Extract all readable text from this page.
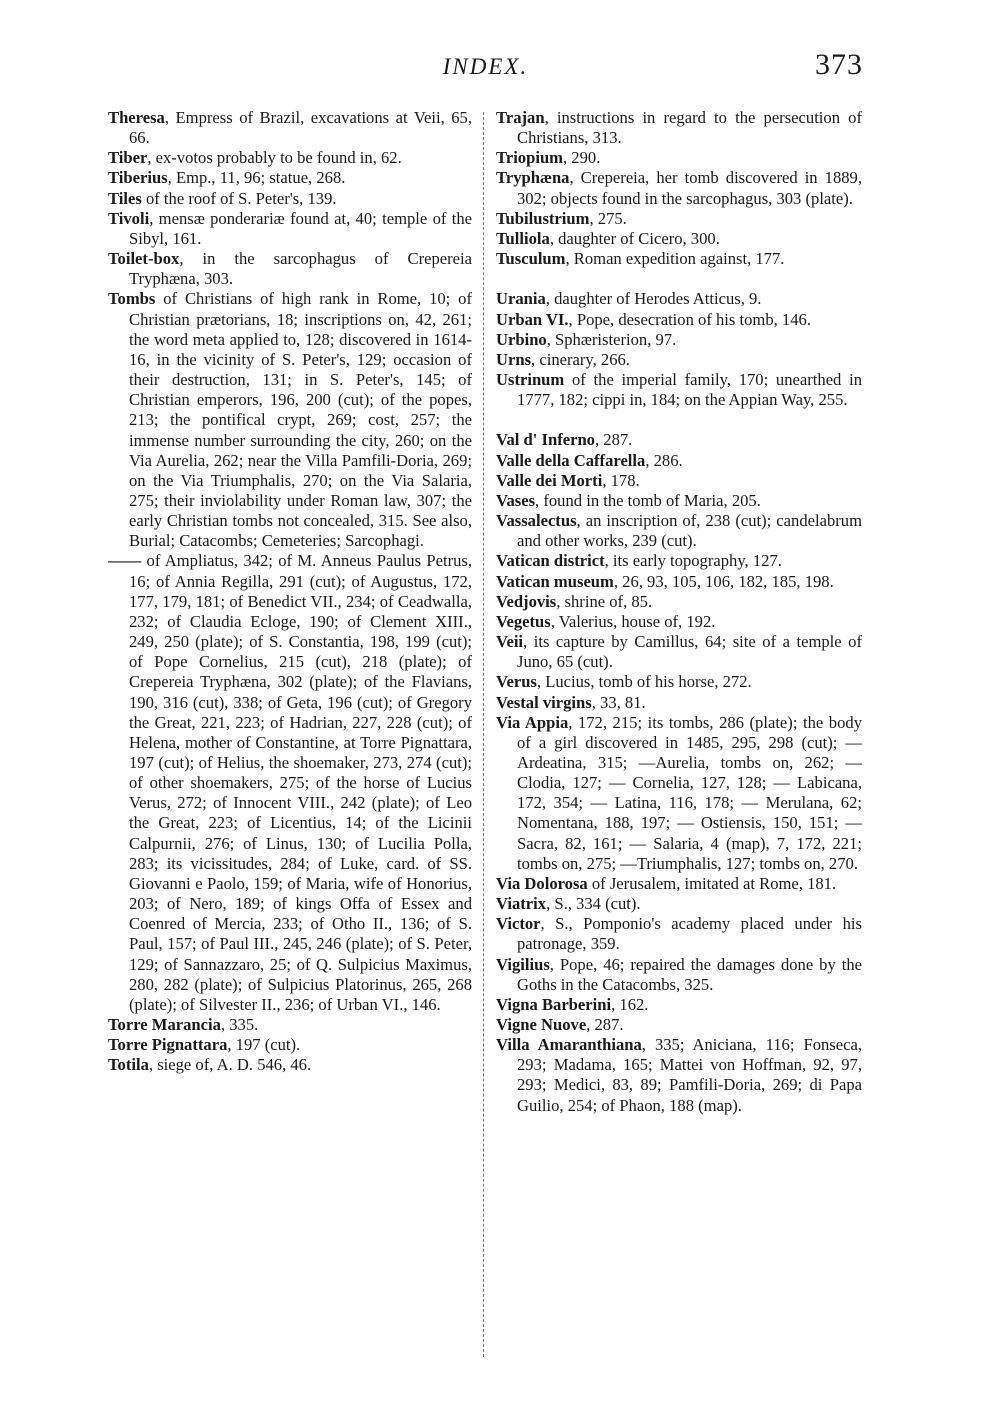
INDEX.	373

Theresa, Empress of Brazil, excavations at Veii, 65, 66.

Tiber, ex-votos probably to be found in, 62.

Tiberius, Emp., 11, 96; statue, 268.

Tiles of the roof of S. Peter's, 139.

Tivoli, mensæ ponderariæ found at, 40; temple of the Sibyl, 161.

Toilet-box, in the sarcophagus of Crepereia Tryphæna, 303.

Tombs of Christians of high rank in Rome, 10; of Christian prætorians, 18; inscriptions on, 42, 261; the word meta applied to, 128; discovered in 1614-16, in the vicinity of S. Peter's, 129; occasion of their destruction, 131; in S. Peter's, 145; of Christian emperors, 196, 200 (cut); of the popes, 213; the pontifical crypt, 269; cost, 257; the immense number surrounding the city, 260; on the Via Aurelia, 262; near the Villa Pamfili-Doria, 269; on the Via Triumphalis, 270; on the Via Salaria, 275; their inviolability under Roman law, 307; the early Christian tombs not concealed, 315. See also, Burial; Catacombs; Cemeteries; Sarcophagi.

—— of Ampliatus, 342; of M. Anneus Paulus Petrus, 16; of Annia Regilla, 291 (cut); of Augustus, 172, 177, 179, 181; of Benedict VII., 234; of Ceadwalla, 232; of Claudia Ecloge, 190; of Clement XIII., 249, 250 (plate); of S. Constantia, 198, 199 (cut); of Pope Cornelius, 215 (cut), 218 (plate); of Crepereia Tryphæna, 302 (plate); of the Flavians, 190, 316 (cut), 338; of Geta, 196 (cut); of Gregory the Great, 221, 223; of Hadrian, 227, 228 (cut); of Helena, mother of Constantine, at Torre Pignattara, 197 (cut); of Helius, the shoemaker, 273, 274 (cut); of other shoemakers, 275; of the horse of Lucius Verus, 272; of Innocent VIII., 242 (plate); of Leo the Great, 223; of Licentius, 14; of the Licinii Calpurnii, 276; of Linus, 130; of Lucilia Polla, 283; its vicissitudes, 284; of Luke, card. of SS. Giovanni e Paolo, 159; of Maria, wife of Honorius, 203; of Nero, 189; of kings Offa of Essex and Coenred of Mercia, 233; of Otho II., 136; of S. Paul, 157; of Paul III., 245, 246 (plate); of S. Peter, 129; of Sannazzaro, 25; of Q. Sulpicius Maximus, 280, 282 (plate); of Sulpicius Platorinus, 265, 268 (plate); of Silvester II., 236; of Urban VI., 146.

Torre Marancia, 335.

Torre Pignattara, 197 (cut).

Totila, siege of, A. D. 546, 46.

Trajan, instructions in regard to the persecution of Christians, 313.

Triopium, 290.

Tryphæna, Crepereia, her tomb discovered in 1889, 302; objects found in the sarcophagus, 303 (plate).

Tubilustrium, 275.

Tulliola, daughter of Cicero, 300.

Tusculum, Roman expedition against, 177.

Urania, daughter of Herodes Atticus, 9.

Urban VI., Pope, desecration of his tomb, 146.

Urbino, Sphæristerion, 97.

Urns, cinerary, 266.

Ustrinum of the imperial family, 170; unearthed in 1777, 182; cippi in, 184; on the Appian Way, 255.

Val d' Inferno, 287.

Valle della Caffarella, 286.

Valle dei Morti, 178.

Vases, found in the tomb of Maria, 205.

Vassalectus, an inscription of, 238 (cut); candelabrum and other works, 239 (cut).

Vatican district, its early topography, 127.

Vatican museum, 26, 93, 105, 106, 182, 185, 198.

Vedjovis, shrine of, 85.

Vegetus, Valerius, house of, 192.

Veii, its capture by Camillus, 64; site of a temple of Juno, 65 (cut).

Verus, Lucius, tomb of his horse, 272.

Vestal virgins, 33, 81.

Via Appia, 172, 215; its tombs, 286 (plate); the body of a girl discovered in 1485, 295, 298 (cut); — Ardeatina, 315; —Aurelia, tombs on, 262; — Clodia, 127; — Cornelia, 127, 128; — Labicana, 172, 354; — Latina, 116, 178; — Merulana, 62; Nomentana, 188, 197; — Ostiensis, 150, 151; — Sacra, 82, 161; — Salaria, 4 (map), 7, 172, 221; tombs on, 275; —Triumphalis, 127; tombs on, 270.

Via Dolorosa of Jerusalem, imitated at Rome, 181.

Viatrix, S., 334 (cut).

Victor, S., Pomponio's academy placed under his patronage, 359.

Vigilius, Pope, 46; repaired the damages done by the Goths in the Catacombs, 325.

Vigna Barberini, 162.

Vigne Nuove, 287.

Villa Amaranthiana, 335; Aniciana, 116; Fonseca, 293; Madama, 165; Mattei von Hoffman, 92, 97, 293; Medici, 83, 89; Pamfili-Doria, 269; di Papa Guilio, 254; of Phaon, 188 (map).
